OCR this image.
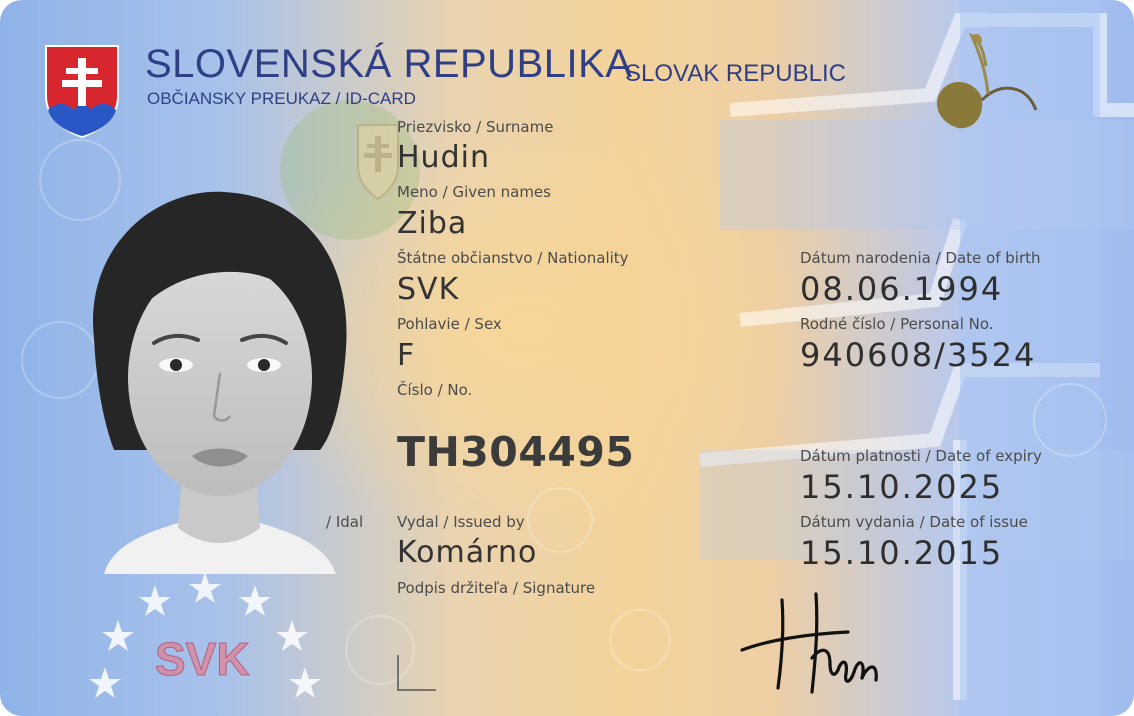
SLOVENSKÁ REPUBLIKA
SLOVAK REPUBLIC
OBČIANSKY PREUKAZ / ID-CARD
Priezvisko / Surname
Hudin
Meno / Given names
Ziba
Štátne občianstvo / Nationality
SVK
Pohlavie / Sex
F
Číslo / No.
TH304495
/ Idal Vydal / Issued by
Komárno
Podpis držiteľa / Signature
Dátum narodenia / Date of birth
08.06.1994
Rodné číslo / Personal No.
940608/3524
Dátum platnosti / Date of expiry
15.10.2025
Dátum vydania / Date of issue
15.10.2015
SVK
